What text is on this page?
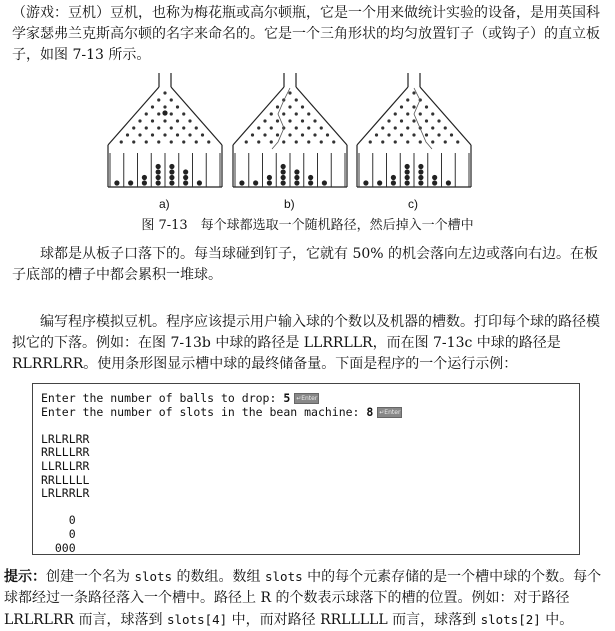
（游戏：豆机）豆机，也称为梅花瓶或高尔顿瓶，它是一个用来做统计实验的设备，是用英国科学家瑟弗兰克斯高尔顿的名字来命名的。它是一个三角形状的均匀放置钉子（或钩子）的直立板子，如图 7-13 所示。
a)	b)	c)
图 7-13　每个球都选取一个随机路径，然后掉入一个槽中
球都是从板子口落下的。每当球碰到钉子，它就有 50% 的机会落向左边或落向右边。在板子底部的槽子中都会累积一堆球。
编写程序模拟豆机。程序应该提示用户输入球的个数以及机器的槽数。打印每个球的路径模拟它的下落。例如：在图 7-13b 中球的路径是 LLRRLLR，而在图 7-13c 中球的路径是 RLRRLRR。使用条形图显示槽中球的最终储备量。下面是程序的一个运行示例：
Enter the number of balls to drop: 5 ↵Enter
Enter the number of slots in the bean machine: 8 ↵Enter

LRLRLRR
RRLLLRR
LLRLLRR
RRLLLLL
LRLRRLR

0
0
000
提示：创建一个名为 slots 的数组。数组 slots 中的每个元素存储的是一个槽中球的个数。每个球都经过一条路径落入一个槽中。路径上 R 的个数表示球落下的槽的位置。例如：对于路径 LRLRLRR 而言，球落到 slots[4] 中，而对路径 RRLLLLL 而言，球落到 slots[2] 中。
